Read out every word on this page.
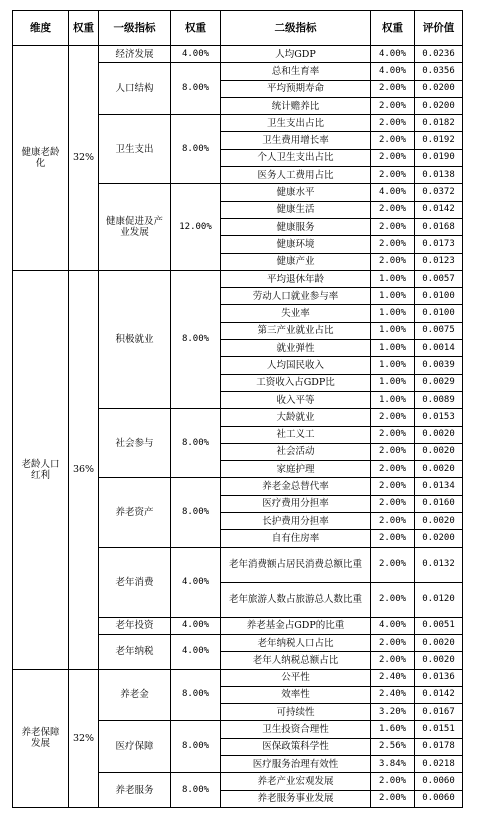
维度	权重	一级指标	权重	二级指标	权重	评价值
健康老龄化	32%	经济发展	4.00%	人均GDP	4.00%	0.0236
		人口结构	8.00%	总和生育率	4.00%	0.0356
				平均预期寿命	2.00%	0.0200
				统计赡养比	2.00%	0.0200
		卫生支出	8.00%	卫生支出占比	2.00%	0.0182
				卫生费用增长率	2.00%	0.0192
				个人卫生支出占比	2.00%	0.0190
				医务人工费用占比	2.00%	0.0138
		健康促进及产业发展	12.00%	健康水平	4.00%	0.0372
				健康生活	2.00%	0.0142
				健康服务	2.00%	0.0168
				健康环境	2.00%	0.0173
				健康产业	2.00%	0.0123
老龄人口红利	36%	积极就业	8.00%	平均退休年龄	1.00%	0.0057
				劳动人口就业参与率	1.00%	0.0100
				失业率	1.00%	0.0100
				第三产业就业占比	1.00%	0.0075
				就业弹性	1.00%	0.0014
				人均国民收入	1.00%	0.0039
				工资收入占GDP比	1.00%	0.0029
				收入平等	1.00%	0.0089
		社会参与	8.00%	大龄就业	2.00%	0.0153
				社工义工	2.00%	0.0020
				社会活动	2.00%	0.0020
				家庭护理	2.00%	0.0020
		养老资产	8.00%	养老金总替代率	2.00%	0.0134
				医疗费用分担率	2.00%	0.0160
				长护费用分担率	2.00%	0.0020
				自有住房率	2.00%	0.0200
		老年消费	4.00%	老年消费额占居民消费总额比重	2.00%	0.0132
				老年旅游人数占旅游总人数比重	2.00%	0.0120
		老年投资	4.00%	养老基金占GDP的比重	4.00%	0.0051
		老年纳税	4.00%	老年纳税人口占比	2.00%	0.0020
				老年人纳税总额占比	2.00%	0.0020
养老保障发展	32%	养老金	8.00%	公平性	2.40%	0.0136
				效率性	2.40%	0.0142
				可持续性	3.20%	0.0167
		医疗保障	8.00%	卫生投资合理性	1.60%	0.0151
				医保政策科学性	2.56%	0.0178
				医疗服务治理有效性	3.84%	0.0218
		养老服务	8.00%	养老产业宏观发展	2.00%	0.0060
				养老服务事业发展	2.00%	0.0060
